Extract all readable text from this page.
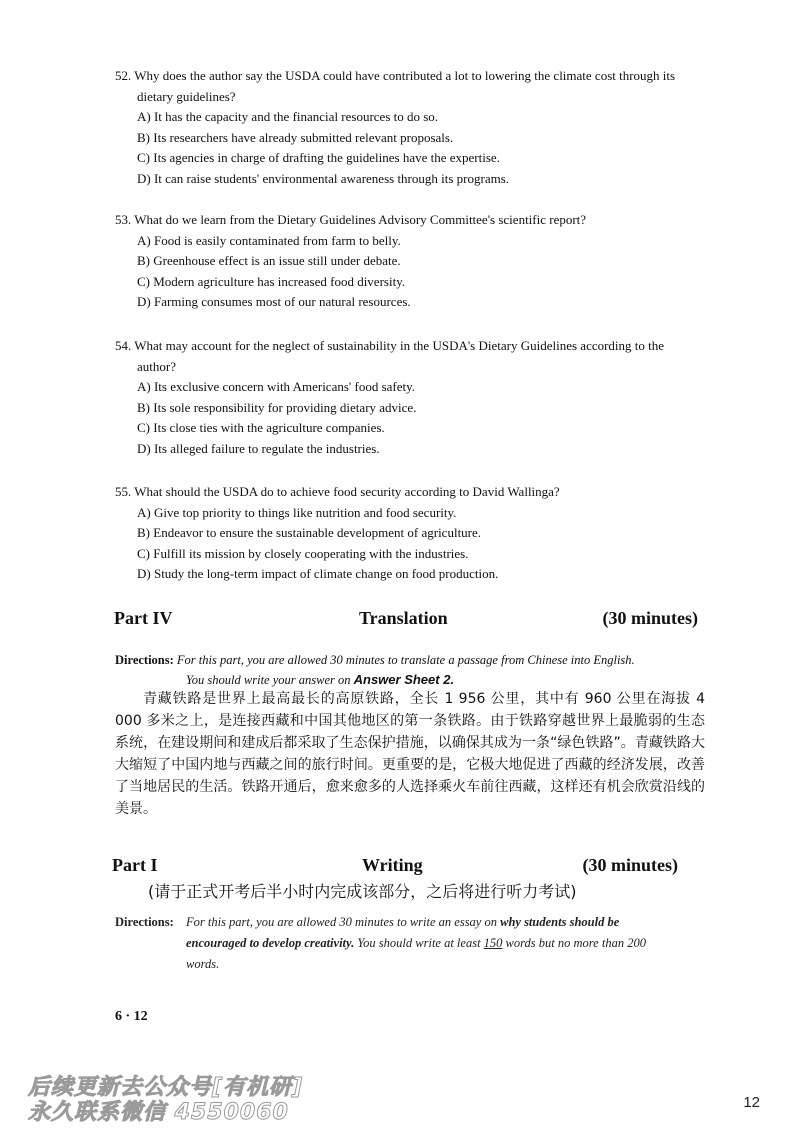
52. Why does the author say the USDA could have contributed a lot to lowering the climate cost through its dietary guidelines?
A) It has the capacity and the financial resources to do so.
B) Its researchers have already submitted relevant proposals.
C) Its agencies in charge of drafting the guidelines have the expertise.
D) It can raise students' environmental awareness through its programs.
53. What do we learn from the Dietary Guidelines Advisory Committee's scientific report?
A) Food is easily contaminated from farm to belly.
B) Greenhouse effect is an issue still under debate.
C) Modern agriculture has increased food diversity.
D) Farming consumes most of our natural resources.
54. What may account for the neglect of sustainability in the USDA's Dietary Guidelines according to the author?
A) Its exclusive concern with Americans' food safety.
B) Its sole responsibility for providing dietary advice.
C) Its close ties with the agriculture companies.
D) Its alleged failure to regulate the industries.
55. What should the USDA do to achieve food security according to David Wallinga?
A) Give top priority to things like nutrition and food security.
B) Endeavor to ensure the sustainable development of agriculture.
C) Fulfill its mission by closely cooperating with the industries.
D) Study the long-term impact of climate change on food production.
Part IV	Translation	(30 minutes)
Directions: For this part, you are allowed 30 minutes to translate a passage from Chinese into English.
You should write your answer on Answer Sheet 2.
青藏铁路是世界上最高最长的高原铁路，全长 1 956 公里，其中有 960 公里在海拔 4 000 多米之上，是连接西藏和中国其他地区的第一条铁路。由于铁路穿越世界上最脆弱的生态系统，在建设期间和建成后都采取了生态保护措施，以确保其成为一条“绿色铁路”。青藏铁路大大缩短了中国内地与西藏之间的旅行时间。更重要的是，它极大地促进了西藏的经济发展，改善了当地居民的生活。铁路开通后，愈来愈多的人选择乘火车前往西藏，这样还有机会欣赏沿线的美景。
Part I	Writing	(30 minutes)
(请于正式开考后半小时内完成该部分，之后将进行听力考试)
Directions: For this part, you are allowed 30 minutes to write an essay on why students should be encouraged to develop creativity. You should write at least 150 words but no more than 200 words.
6 · 12
后续更新去公众号[有机研]
永久联系微信 4550060	12
